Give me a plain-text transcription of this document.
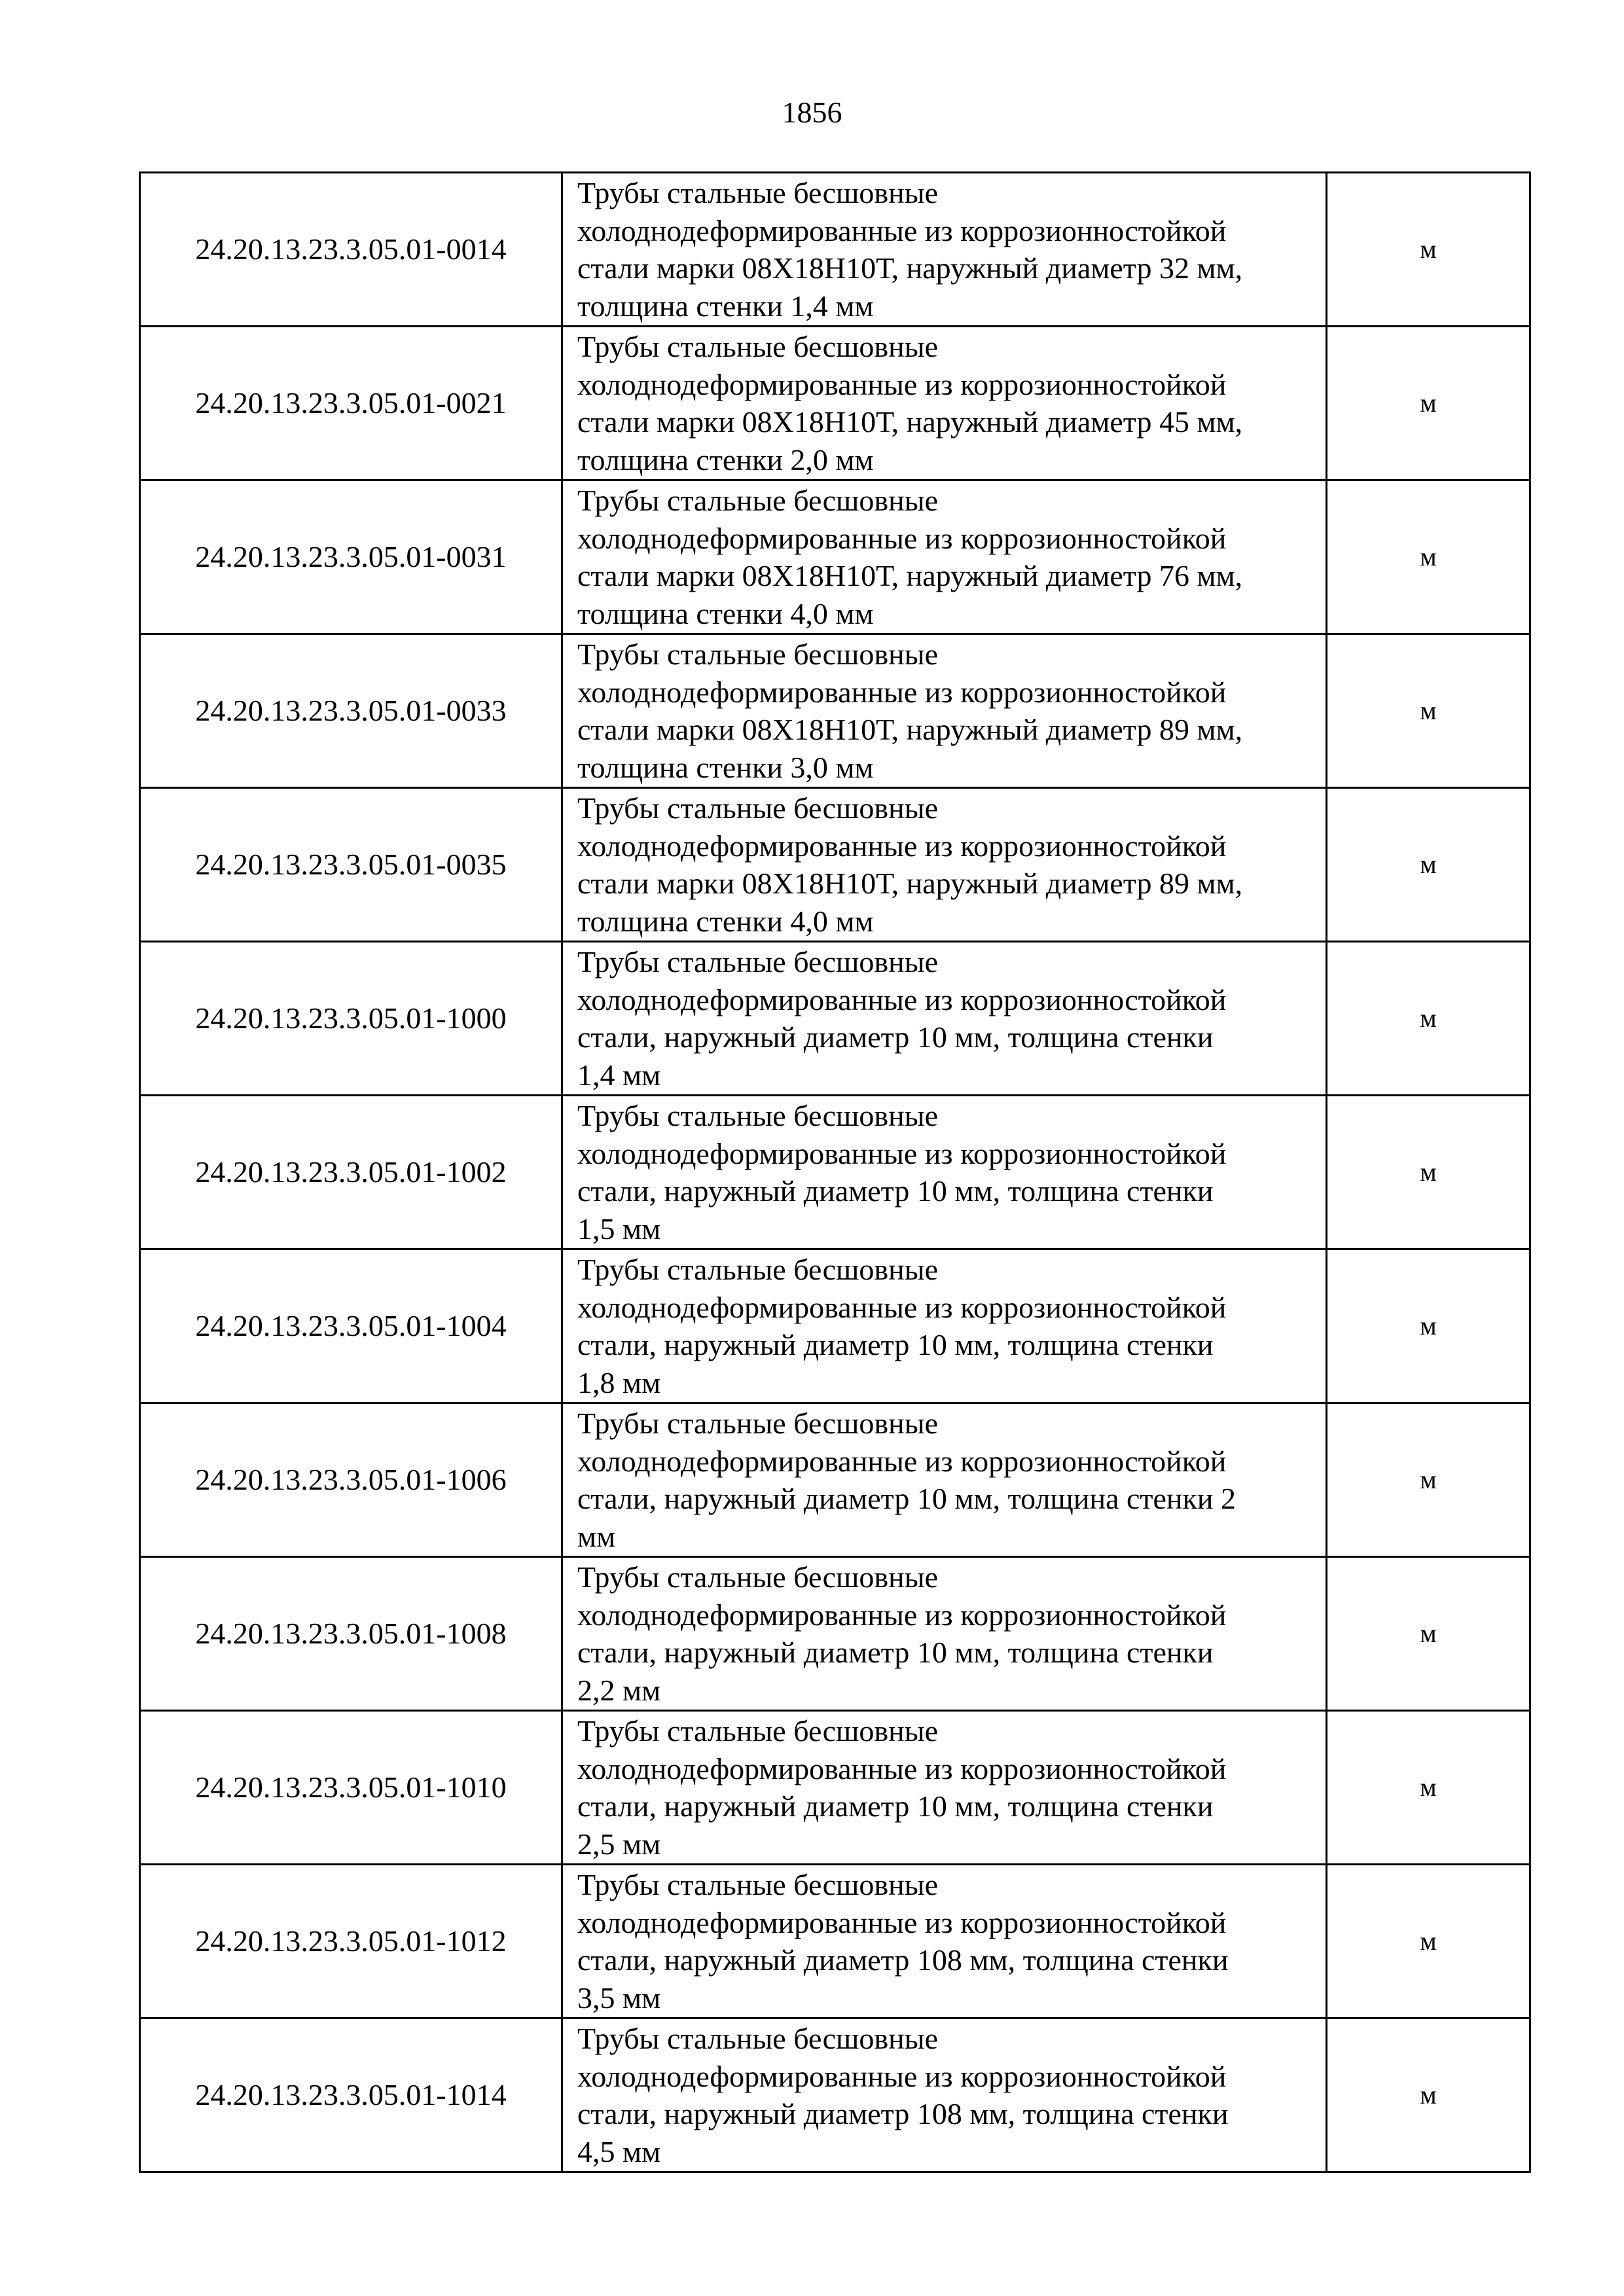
1856
24.20.13.23.3.05.01-0014	Трубы стальные бесшовные
холоднодеформированные из коррозионностойкой
стали марки 08Х18Н10Т, наружный диаметр 32 мм,
толщина стенки 1,4 мм	м
24.20.13.23.3.05.01-0021	Трубы стальные бесшовные
холоднодеформированные из коррозионностойкой
стали марки 08Х18Н10Т, наружный диаметр 45 мм,
толщина стенки 2,0 мм	м
24.20.13.23.3.05.01-0031	Трубы стальные бесшовные
холоднодеформированные из коррозионностойкой
стали марки 08Х18Н10Т, наружный диаметр 76 мм,
толщина стенки 4,0 мм	м
24.20.13.23.3.05.01-0033	Трубы стальные бесшовные
холоднодеформированные из коррозионностойкой
стали марки 08Х18Н10Т, наружный диаметр 89 мм,
толщина стенки 3,0 мм	м
24.20.13.23.3.05.01-0035	Трубы стальные бесшовные
холоднодеформированные из коррозионностойкой
стали марки 08Х18Н10Т, наружный диаметр 89 мм,
толщина стенки 4,0 мм	м
24.20.13.23.3.05.01-1000	Трубы стальные бесшовные
холоднодеформированные из коррозионностойкой
стали, наружный диаметр 10 мм, толщина стенки
1,4 мм	м
24.20.13.23.3.05.01-1002	Трубы стальные бесшовные
холоднодеформированные из коррозионностойкой
стали, наружный диаметр 10 мм, толщина стенки
1,5 мм	м
24.20.13.23.3.05.01-1004	Трубы стальные бесшовные
холоднодеформированные из коррозионностойкой
стали, наружный диаметр 10 мм, толщина стенки
1,8 мм	м
24.20.13.23.3.05.01-1006	Трубы стальные бесшовные
холоднодеформированные из коррозионностойкой
стали, наружный диаметр 10 мм, толщина стенки 2
мм	м
24.20.13.23.3.05.01-1008	Трубы стальные бесшовные
холоднодеформированные из коррозионностойкой
стали, наружный диаметр 10 мм, толщина стенки
2,2 мм	м
24.20.13.23.3.05.01-1010	Трубы стальные бесшовные
холоднодеформированные из коррозионностойкой
стали, наружный диаметр 10 мм, толщина стенки
2,5 мм	м
24.20.13.23.3.05.01-1012	Трубы стальные бесшовные
холоднодеформированные из коррозионностойкой
стали, наружный диаметр 108 мм, толщина стенки
3,5 мм	м
24.20.13.23.3.05.01-1014	Трубы стальные бесшовные
холоднодеформированные из коррозионностойкой
стали, наружный диаметр 108 мм, толщина стенки
4,5 мм	м
